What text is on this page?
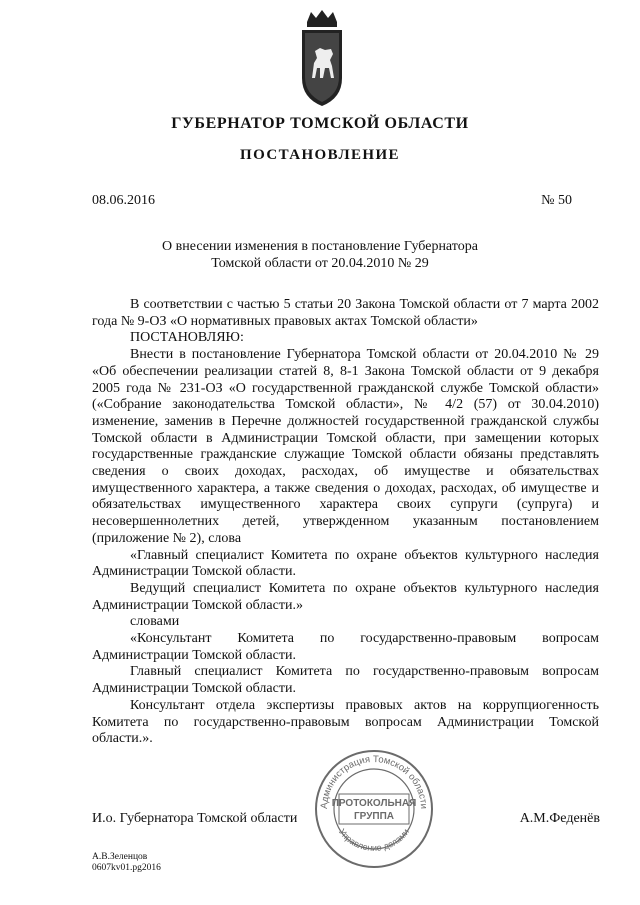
ГУБЕРНАТОР ТОМСКОЙ ОБЛАСТИ
ПОСТАНОВЛЕНИЕ
08.06.2016	№ 50
О внесении изменения в постановление Губернатора
Томской области от 20.04.2010 № 29

В соответствии с частью 5 статьи 20 Закона Томской области от 7 марта 2002 года № 9-ОЗ «О нормативных правовых актах Томской области»

ПОСТАНОВЛЯЮ:

Внести в постановление Губернатора Томской области от 20.04.2010 № 29 «Об обеспечении реализации статей 8, 8-1 Закона Томской области от 9 декабря 2005 года № 231-ОЗ «О государственной гражданской службе Томской области» («Собрание законодательства Томской области», № 4/2 (57) от 30.04.2010) изменение, заменив в Перечне должностей государственной гражданской службы Томской области в Администрации Томской области, при замещении которых государственные гражданские служащие Томской области обязаны представлять сведения о своих доходах, расходах, об имуществе и обязательствах имущественного характера, а также сведения о доходах, расходах, об имуществе и обязательствах имущественного характера своих супруги (супруга) и несовершеннолетних детей, утвержденном указанным постановлением (приложение № 2), слова

«Главный специалист Комитета по охране объектов культурного наследия Администрации Томской области.

Ведущий специалист Комитета по охране объектов культурного наследия Администрации Томской области.»

словами

«Консультант Комитета по государственно-правовым вопросам Администрации Томской области.

Главный специалист Комитета по государственно-правовым вопросам Администрации Томской области.

Консультант отдела экспертизы правовых актов на коррупциогенность Комитета по государственно-правовым вопросам Администрации Томской области.».

Администрация Томской области
Управление делами
ПРОТОКОЛЬНАЯ
ГРУППА
И.о. Губернатора Томской области	А.М.Феденёв
А.В.Зеленцов
0607kv01.pg2016
